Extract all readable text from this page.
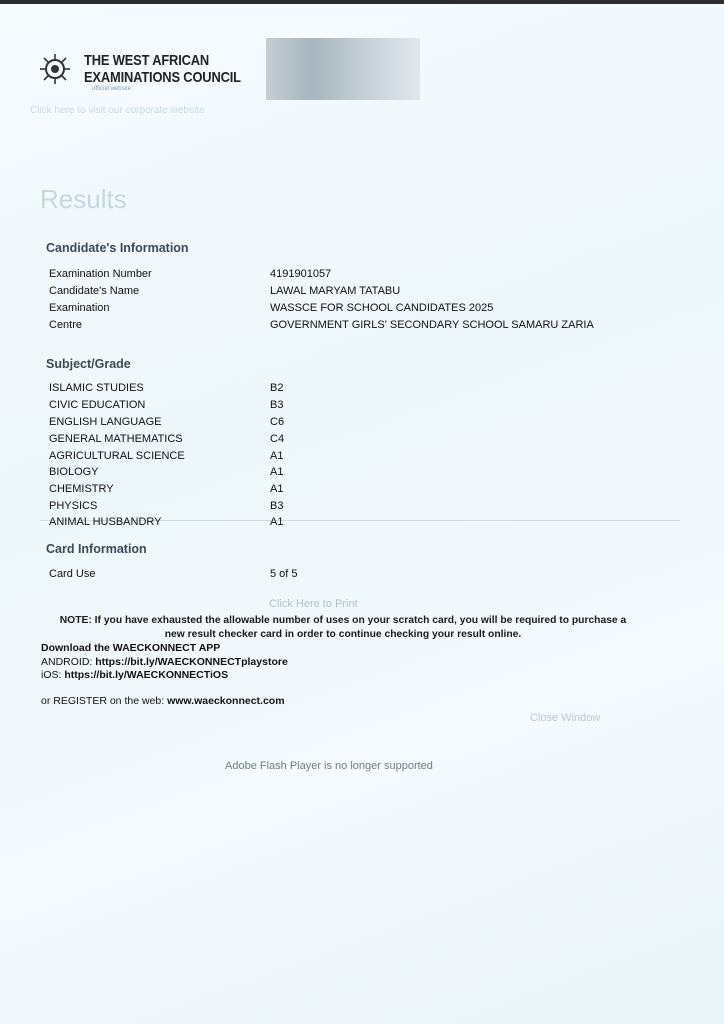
THE WEST AFRICAN
EXAMINATIONS COUNCIL
official website
Click here to visit our corporate website
Results
Candidate's Information
Examination Number	4191901057
Candidate's Name	LAWAL MARYAM TATABU
Examination	WASSCE FOR SCHOOL CANDIDATES 2025
Centre	GOVERNMENT GIRLS' SECONDARY SCHOOL SAMARU ZARIA
Subject/Grade
ISLAMIC STUDIES	B2
CIVIC EDUCATION	B3
ENGLISH LANGUAGE	C6
GENERAL MATHEMATICS	C4
AGRICULTURAL SCIENCE	A1
BIOLOGY	A1
CHEMISTRY	A1
PHYSICS	B3
ANIMAL HUSBANDRY	A1
Card Information
Card Use	5 of 5
Click Here to Print
NOTE: If you have exhausted the allowable number of uses on your scratch card, you will be required to purchase a new result checker card in order to continue checking your result online.
Download the WAECKONNECT APP
ANDROID: https://bit.ly/WAECKONNECTplaystore
iOS: https://bit.ly/WAECKONNECTiOS
or REGISTER on the web: www.waeckonnect.com
Close Window
Adobe Flash Player is no longer supported
